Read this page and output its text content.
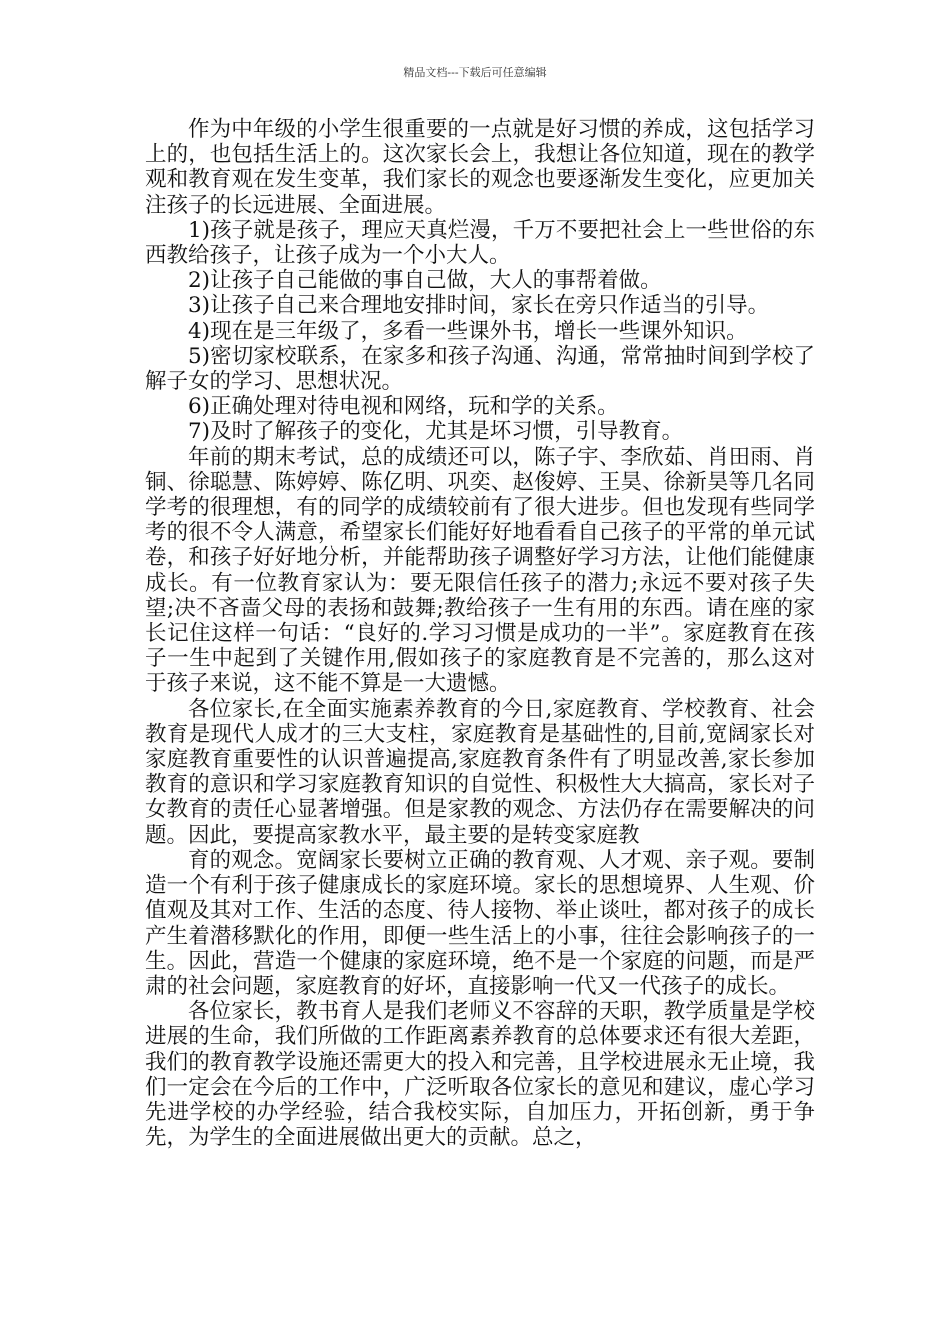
精品文档---下载后可任意编辑

作为中年级的小学生很重要的一点就是好习惯的养成，这包括学习上的，也包括生活上的。这次家长会上，我想让各位知道，现在的教学观和教育观在发生变革，我们家长的观念也要逐渐发生变化，应更加关注孩子的长远进展、全面进展。

1)孩子就是孩子，理应天真烂漫，千万不要把社会上一些世俗的东西教给孩子，让孩子成为一个小大人。

2)让孩子自己能做的事自己做，大人的事帮着做。

3)让孩子自己来合理地安排时间，家长在旁只作适当的引导。

4)现在是三年级了，多看一些课外书，增长一些课外知识。

5)密切家校联系，在家多和孩子沟通、沟通，常常抽时间到学校了解子女的学习、思想状况。

6)正确处理对待电视和网络，玩和学的关系。

7)及时了解孩子的变化，尤其是坏习惯，引导教育。

年前的期末考试，总的成绩还可以，陈子宇、李欣茹、肖田雨、肖铜、徐聪慧、陈婷婷、陈亿明、巩奕、赵俊婷、王昊、徐新昊等几名同学考的很理想，有的同学的成绩较前有了很大进步。但也发现有些同学考的很不令人满意，希望家长们能好好地看看自己孩子的平常的单元试卷，和孩子好好地分析，并能帮助孩子调整好学习方法，让他们能健康成长。有一位教育家认为：要无限信任孩子的潜力;永远不要对孩子失望;决不吝啬父母的表扬和鼓舞;教给孩子一生有用的东西。请在座的家长记住这样一句话：“良好的.学习习惯是成功的一半”。家庭教育在孩子一生中起到了关键作用,假如孩子的家庭教育是不完善的，那么这对于孩子来说，这不能不算是一大遗憾。

各位家长,在全面实施素养教育的今日,家庭教育、学校教育、社会教育是现代人成才的三大支柱，家庭教育是基础性的,目前,宽阔家长对家庭教育重要性的认识普遍提高,家庭教育条件有了明显改善,家长参加教育的意识和学习家庭教育知识的自觉性、积极性大大搞高，家长对子女教育的责任心显著增强。但是家教的观念、方法仍存在需要解决的问题。因此，要提高家教水平，最主要的是转变家庭教

育的观念。宽阔家长要树立正确的教育观、人才观、亲子观。要制造一个有利于孩子健康成长的家庭环境。家长的思想境界、人生观、价值观及其对工作、生活的态度、待人接物、举止谈吐，都对孩子的成长产生着潜移默化的作用，即便一些生活上的小事，往往会影响孩子的一生。因此，营造一个健康的家庭环境，绝不是一个家庭的问题，而是严肃的社会问题，家庭教育的好坏，直接影响一代又一代孩子的成长。

各位家长，教书育人是我们老师义不容辞的天职，教学质量是学校进展的生命，我们所做的工作距离素养教育的总体要求还有很大差距，我们的教育教学设施还需更大的投入和完善，且学校进展永无止境，我们一定会在今后的工作中，广泛听取各位家长的意见和建议，虚心学习先进学校的办学经验，结合我校实际，自加压力，开拓创新，勇于争先，为学生的全面进展做出更大的贡献。总之，
